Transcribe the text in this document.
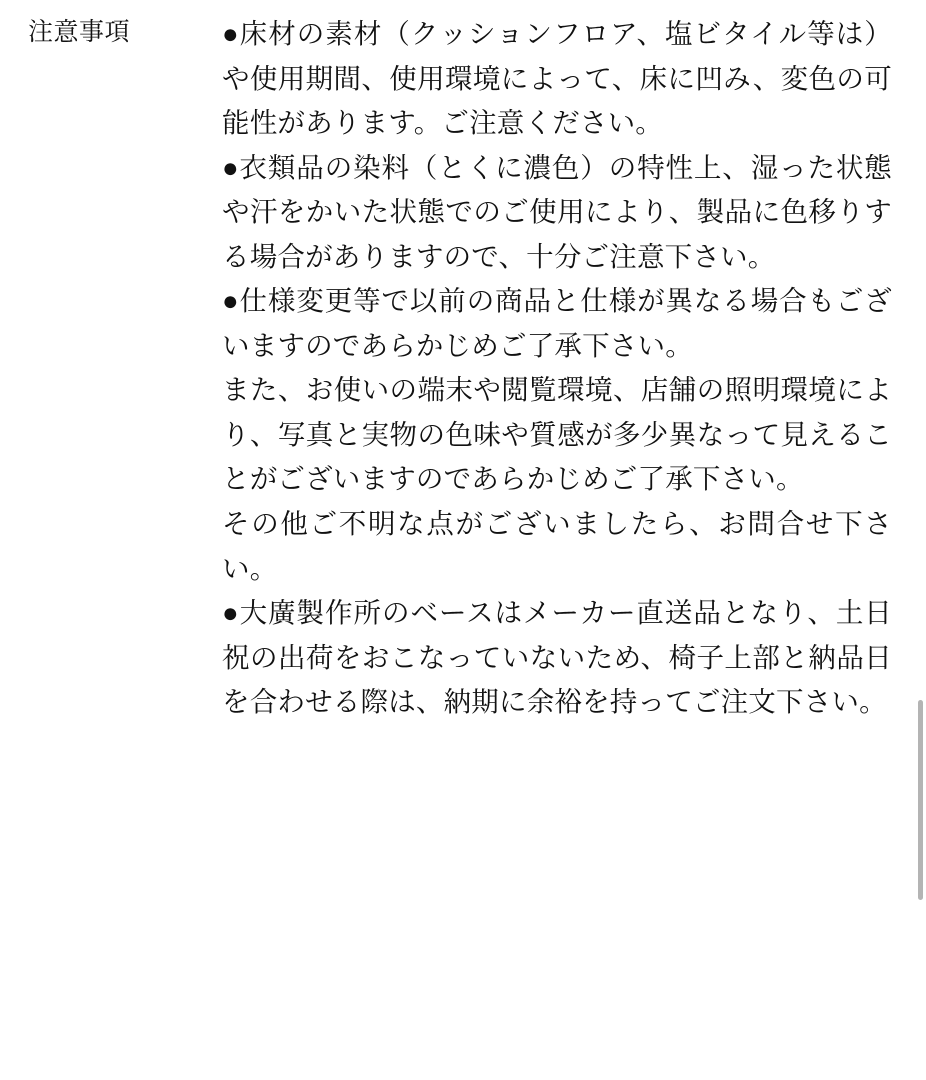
注意事項	●床材の素材（クッションフロア、塩ビタイル等は）や使用期間、使用環境によって、床に凹み、変色の可能性があります。ご注意ください。

●衣類品の染料（とくに濃色）の特性上、湿った状態や汗をかいた状態でのご使用により、製品に色移りする場合がありますので、十分ご注意下さい。

●仕様変更等で以前の商品と仕様が異なる場合もございますのであらかじめご了承下さい。

また、お使いの端末や閲覧環境、店舗の照明環境により、写真と実物の色味や質感が多少異なって見えることがございますのであらかじめご了承下さい。

その他ご不明な点がございましたら、お問合せ下さい。

●大廣製作所のベースはメーカー直送品となり、土日祝の出荷をおこなっていないため、椅子上部と納品日を合わせる際は、納期に余裕を持ってご注文下さい。
